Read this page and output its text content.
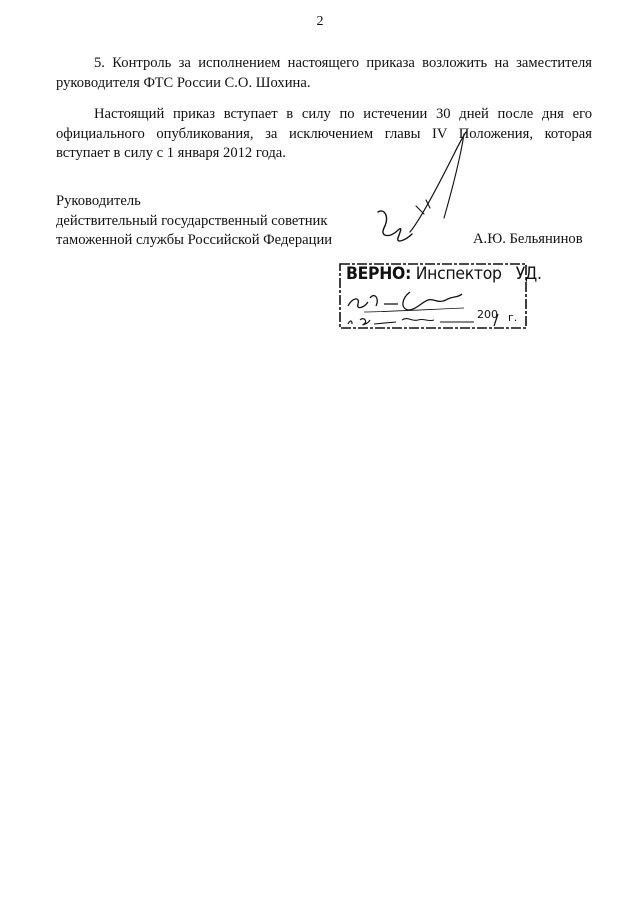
2

5. Контроль за исполнением настоящего приказа возложить на заместителя руководителя ФТС России С.О. Шохина.

Настоящий приказ вступает в силу по истечении 30 дней после дня его официального опубликования, за исключением главы IV Положения, которая вступает в силу с 1 января 2012 года.

Руководитель
действительный государственный советник
таможенной службы Российской Федерации	А.Ю. Бельянинов
ВЕРНО: Инспектор УД.
200 г.
